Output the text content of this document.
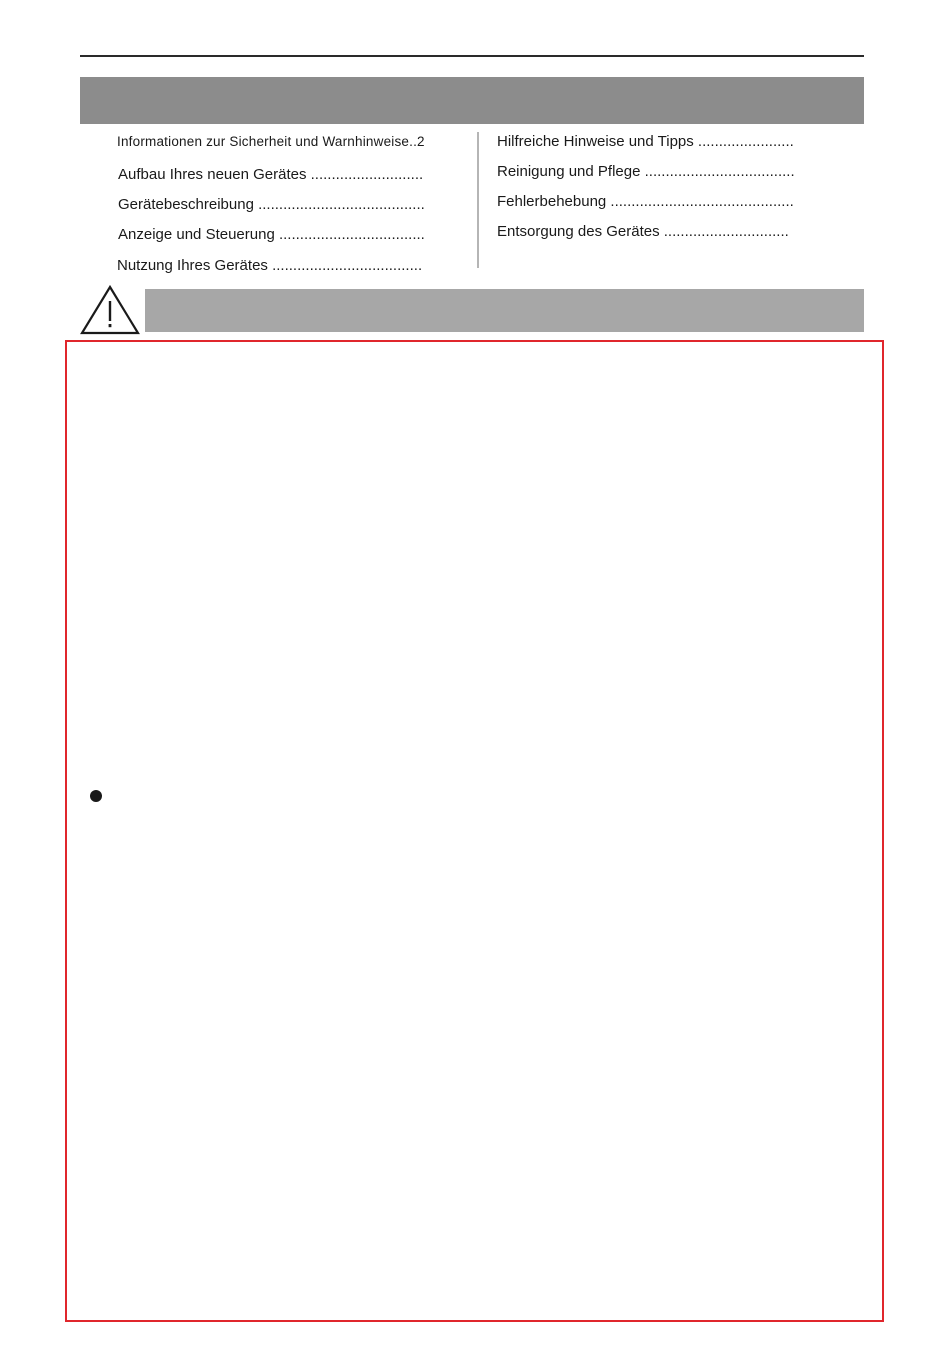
Informationen zur Sicherheit und Warnhinweise..2
Aufbau Ihres neuen Gerätes ...........................
Gerätebeschreibung ........................................
Anzeige und Steuerung ...................................
Nutzung Ihres Gerätes ....................................
Hilfreiche Hinweise und Tipps .......................
Reinigung und Pflege ....................................
Fehlerbehebung ............................................
Entsorgung des Gerätes ..............................
